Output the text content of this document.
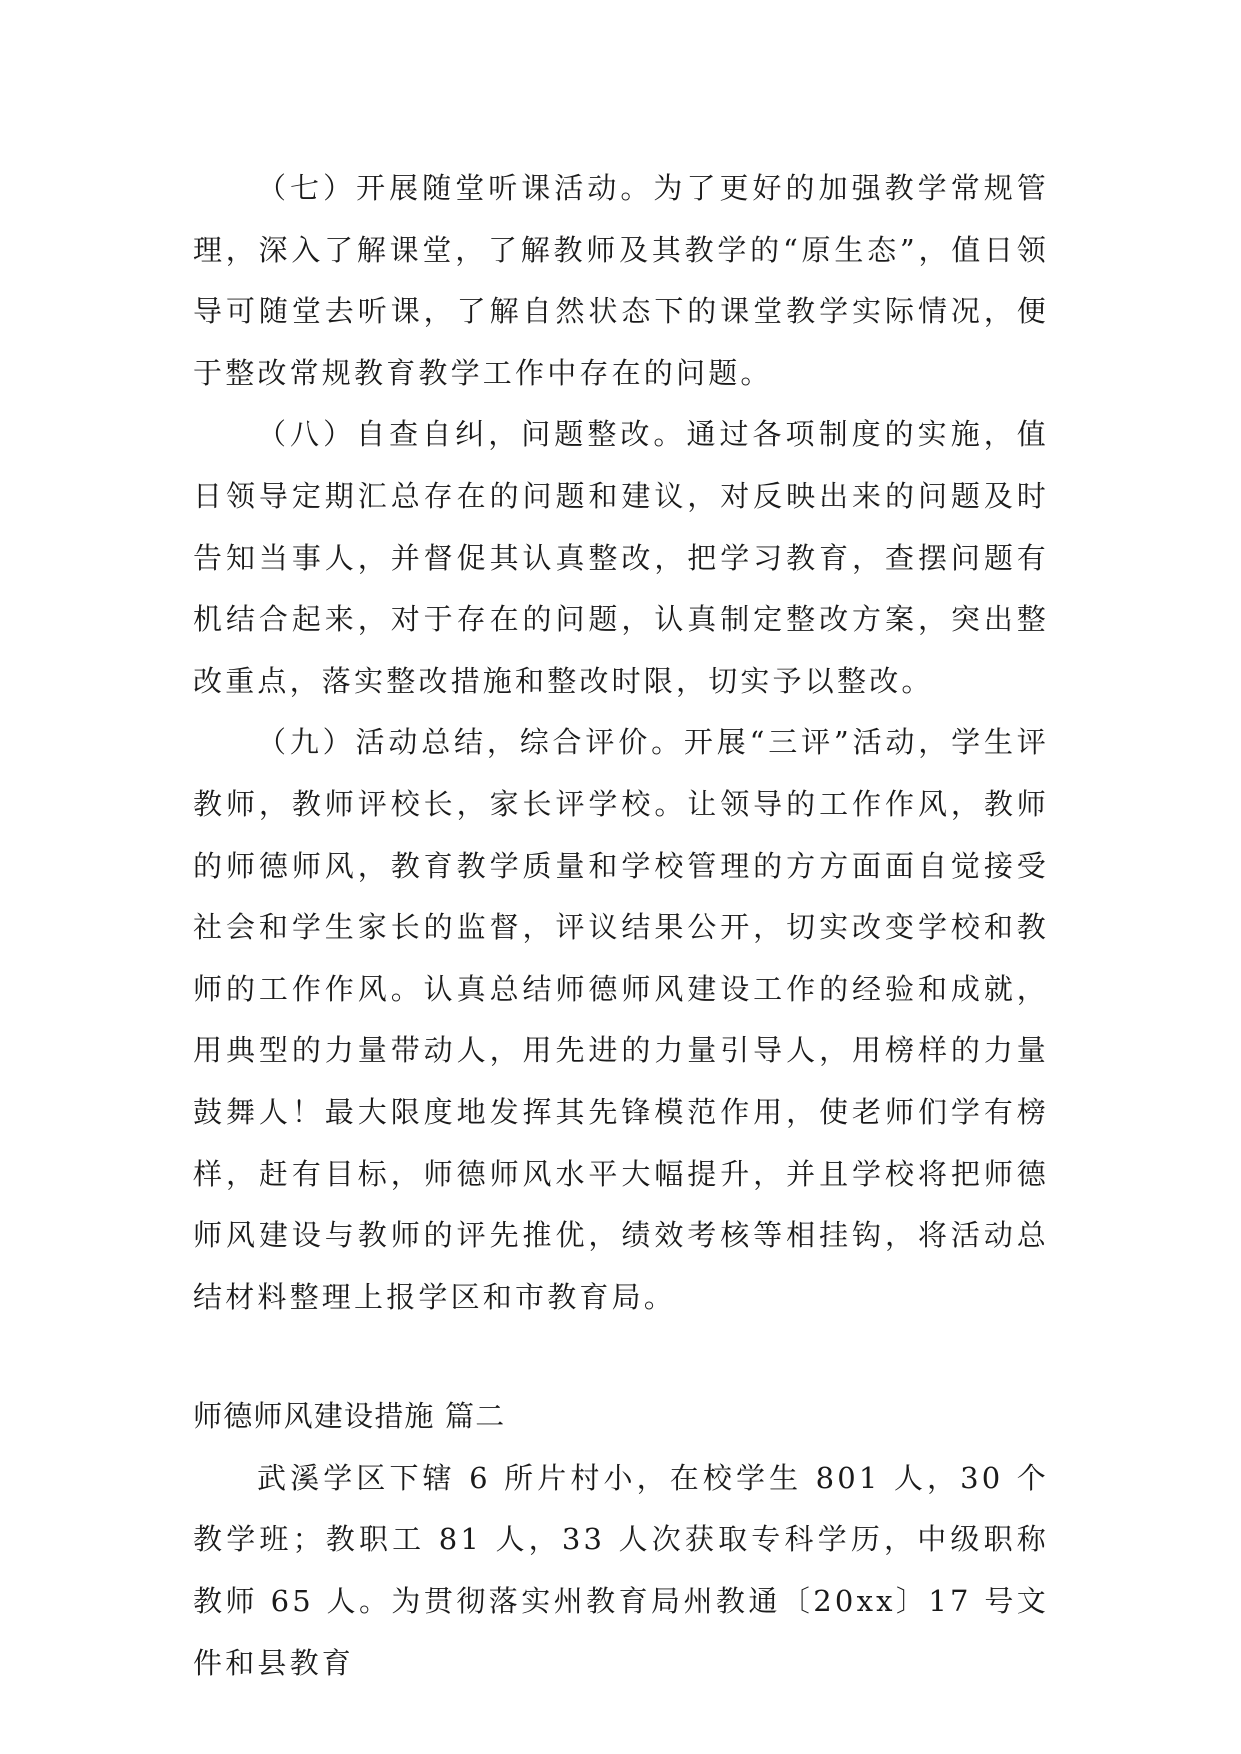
（七）开展随堂听课活动。为了更好的加强教学常规管理，深入了解课堂，了解教师及其教学的“原生态”，值日领导可随堂去听课，了解自然状态下的课堂教学实际情况，便于整改常规教育教学工作中存在的问题。

（八）自查自纠，问题整改。通过各项制度的实施，值日领导定期汇总存在的问题和建议，对反映出来的问题及时告知当事人，并督促其认真整改，把学习教育，查摆问题有机结合起来，对于存在的问题，认真制定整改方案，突出整改重点，落实整改措施和整改时限，切实予以整改。

（九）活动总结，综合评价。开展“三评”活动，学生评教师，教师评校长，家长评学校。让领导的工作作风，教师的师德师风，教育教学质量和学校管理的方方面面自觉接受社会和学生家长的监督，评议结果公开，切实改变学校和教师的工作作风。认真总结师德师风建设工作的经验和成就，用典型的力量带动人，用先进的力量引导人，用榜样的力量鼓舞人！最大限度地发挥其先锋模范作用，使老师们学有榜样，赶有目标，师德师风水平大幅提升，并且学校将把师德师风建设与教师的评先推优，绩效考核等相挂钩，将活动总结材料整理上报学区和市教育局。

师德师风建设措施 篇二

武溪学区下辖 6 所片村小，在校学生 801 人，30 个教学班；教职工 81 人，33 人次获取专科学历，中级职称教师 65 人。为贯彻落实州教育局州教通〔20xx〕17 号文件和县教育
